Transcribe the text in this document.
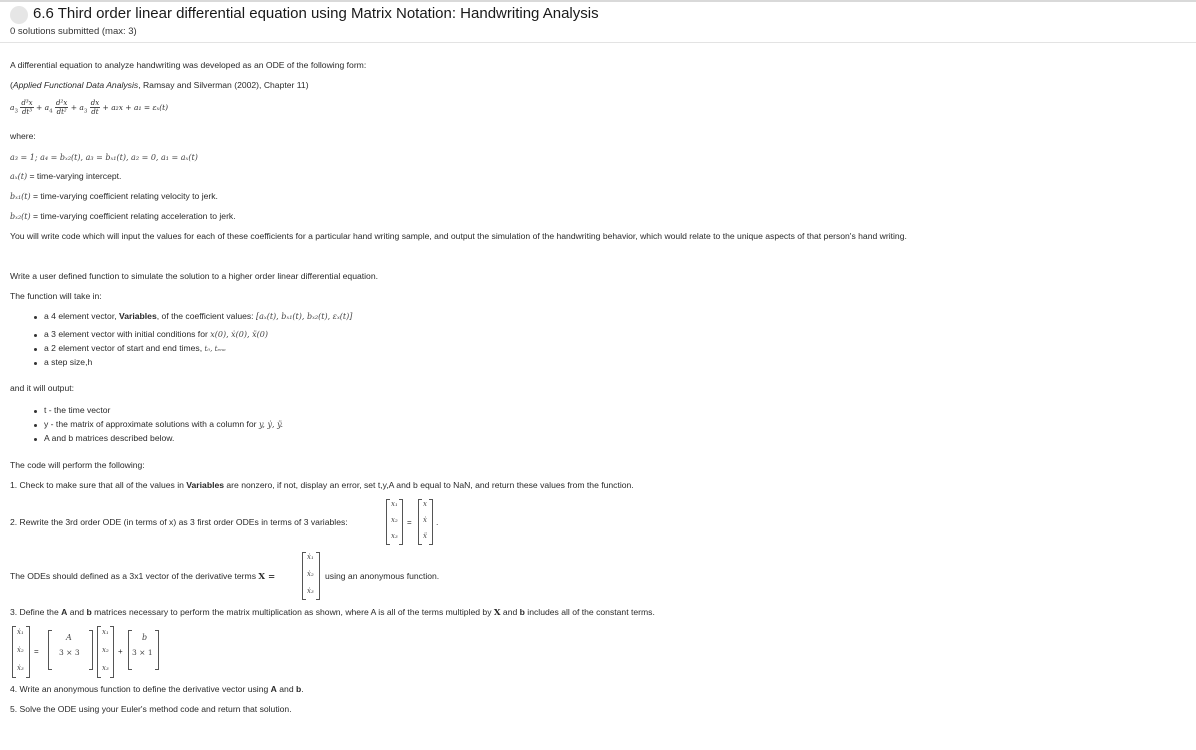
6.6 Third order linear differential equation using Matrix Notation: Handwriting Analysis
0 solutions submitted (max: 3)
A differential equation to analyze handwriting was developed as an ODE of the following form:
(Applied Functional Data Analysis, Ramsay and Silverman (2002), Chapter 11)
$a_3 \frac{\text{d³x}}{\text{dt³}} + a_4 \frac{\text{d²x}}{\text{dt²}} + a_3 \frac{dx}{dt} + a_2x + a_1 = \varepsilon_x(t)$
where:
a₃ = 1; a₄ = bₓ₂(t), a₃ = bₓ₁(t), a₂ = 0, a₁ = aₓ(t)
aₓ(t) = time-varying intercept.
bₓ₁(t) = time-varying coefficient relating velocity to jerk.
bₓ₂(t) = time-varying coefficient relating acceleration to jerk.
You will write code which will input the values for each of these coefficients for a particular hand writing sample, and output the simulation of the handwriting behavior, which would relate to the unique aspects of that person's hand writing.
Write a user defined function to simulate the solution to a higher order linear differential equation.
The function will take in:
a 4 element vector, Variables, of the coefficient values: [aₓ(t), bₓ₁(t), bₓ₂(t), εₓ(t)]
a 3 element vector with initial conditions for x(0), ẋ(0), ẍ(0)
a 2 element vector of start and end times, t₀, tₑₙₒ
a step size,h
and it will output:
t - the time vector
y - the matrix of approximate solutions with a column for y, ẏ, ÿ.
A and b matrices described below.
The code will perform the following:
1. Check to make sure that all of the values in Variables are nonzero, if not, display an error, set t,y,A and b equal to NaN, and return these values from the function.
2. Rewrite the 3rd order ODE (in terms of x) as 3 first order ODEs in terms of 3 variables:
x₁
x₂
x₃
=
x
ẋ
ẍ
.
The ODEs should defined as a 3x1 vector of the derivative terms X =
ẋ₁
ẋ₂
ẋ₃
using an anonymous function.
3. Define the A and b matrices necessary to perform the matrix multiplication as shown, where A is all of the terms multipled by X and b includes all of the constant terms.
ẋ₁
ẋ₂
ẋ₃
=
A
3 × 3
x₁
x₂
x₃
+
b
3 × 1
4. Write an anonymous function to define the derivative vector using A and b.
5. Solve the ODE using your Euler's method code and return that solution.
